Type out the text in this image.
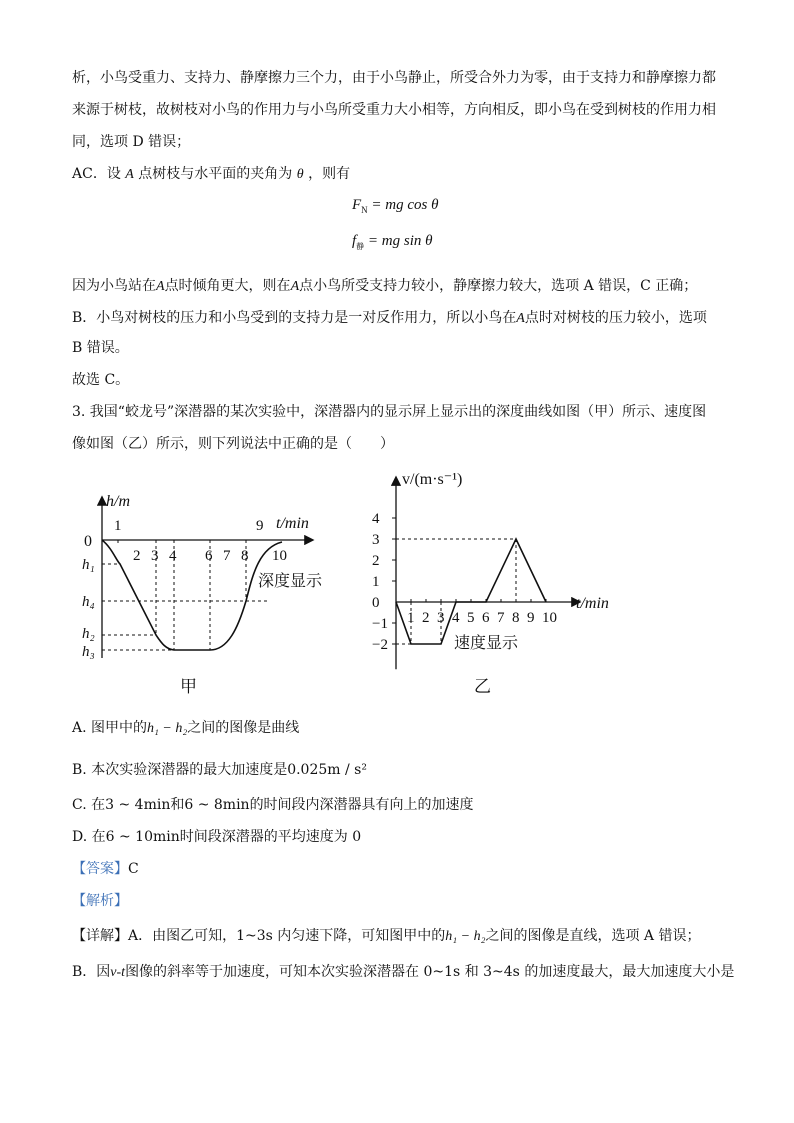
析，小鸟受重力、支持力、静摩擦力三个力，由于小鸟静止，所受合外力为零，由于支持力和静摩擦力都
来源于树枝，故树枝对小鸟的作用力与小鸟所受重力大小相等，方向相反，即小鸟在受到树枝的作用力相
同，选项 D 错误；
AC．设 A 点树枝与水平面的夹角为 θ ，则有
$F_N$ = mg cos θ
$f_静$ = mg sin θ
因为小鸟站在A点时倾角更大，则在A点小鸟所受支持力较小，静摩擦力较大，选项 A 错误，C 正确；
B．小鸟对树枝的压力和小鸟受到的支持力是一对反作用力，所以小鸟在A点时对树枝的压力较小，选项
B 错误。
故选 C。
3. 我国“蛟龙号”深潜器的某次实验中，深潜器内的显示屏上显示出的深度曲线如图（甲）所示、速度图
像如图（乙）所示，则下列说法中正确的是（　　）
h/m
t/min
0
1	9
2 3 4 6 7 8 10
h₁
h₄
h₂
h₃
深度显示
甲
4
3
2
1
0
−1
−2
1 2 3 4 5 6 7 8 9 10
v/(m·s⁻¹)
t/min
速度显示
乙
A. 图甲中的h₁ − h₂之间的图像是曲线
B. 本次实验深潜器的最大加速度是0.025m / s²
C. 在3 ~ 4min和6 ~ 8min的时间段内深潜器具有向上的加速度
D. 在6 ~ 10min时间段深潜器的平均速度为 0
【答案】C
【解析】
【详解】A．由图乙可知，1~3s 内匀速下降，可知图甲中的h₁ − h₂之间的图像是直线，选项 A 错误；
B．因v-t图像的斜率等于加速度，可知本次实验深潜器在 0~1s 和 3~4s 的加速度最大，最大加速度大小是
